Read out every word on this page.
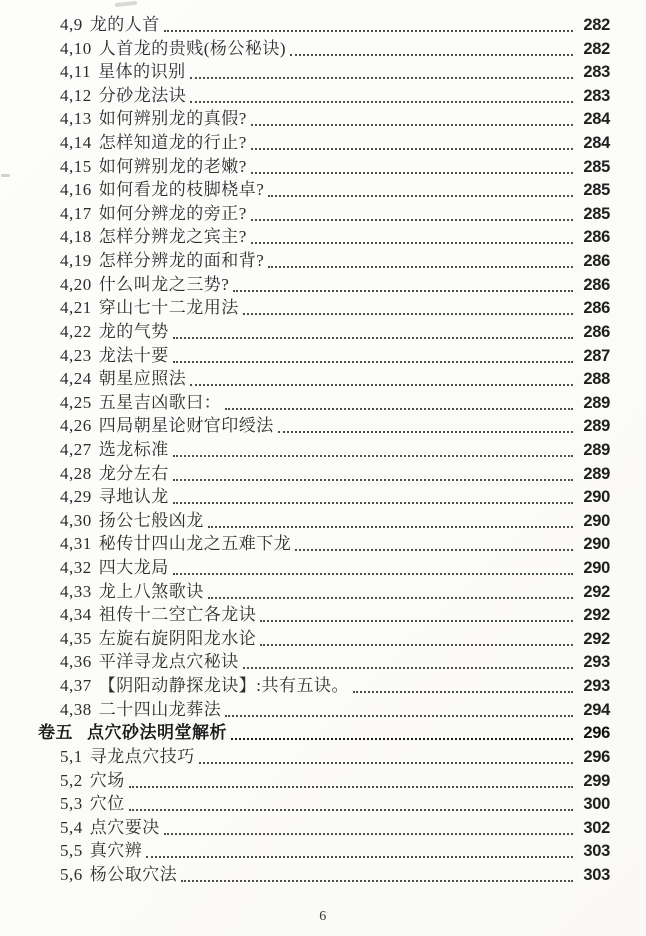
4,9 龙的人首	282
4,10 人首龙的贵贱(杨公秘诀)	282
4,11 星体的识别	283
4,12 分砂龙法诀	283
4,13 如何辨别龙的真假?	284
4,14 怎样知道龙的行止?	284
4,15 如何辨别龙的老嫩?	285
4,16 如何看龙的枝脚桡卓?	285
4,17 如何分辨龙的旁正?	285
4,18 怎样分辨龙之宾主?	286
4,19 怎样分辨龙的面和背?	286
4,20 什么叫龙之三势?	286
4,21 穿山七十二龙用法	286
4,22 龙的气势	286
4,23 龙法十要	287
4,24 朝星应照法	288
4,25 五星吉凶歌曰：	289
4,26 四局朝星论财官印绶法	289
4,27 选龙标准	289
4,28 龙分左右	289
4,29 寻地认龙	290
4,30 扬公七般凶龙	290
4,31 秘传廿四山龙之五难下龙	290
4,32 四大龙局	290
4,33 龙上八煞歌诀	292
4,34 祖传十二空亡各龙诀	292
4,35 左旋右旋阴阳龙水论	292
4,36 平洋寻龙点穴秘诀	293
4,37 【阴阳动静探龙诀】:共有五诀。	293
4,38 二十四山龙葬法	294
卷五 点穴砂法明堂解析	296
5,1 寻龙点穴技巧	296
5,2 穴场	299
5,3 穴位	300
5,4 点穴要决	302
5,5 真穴辨	303
5,6 杨公取穴法	303
6
